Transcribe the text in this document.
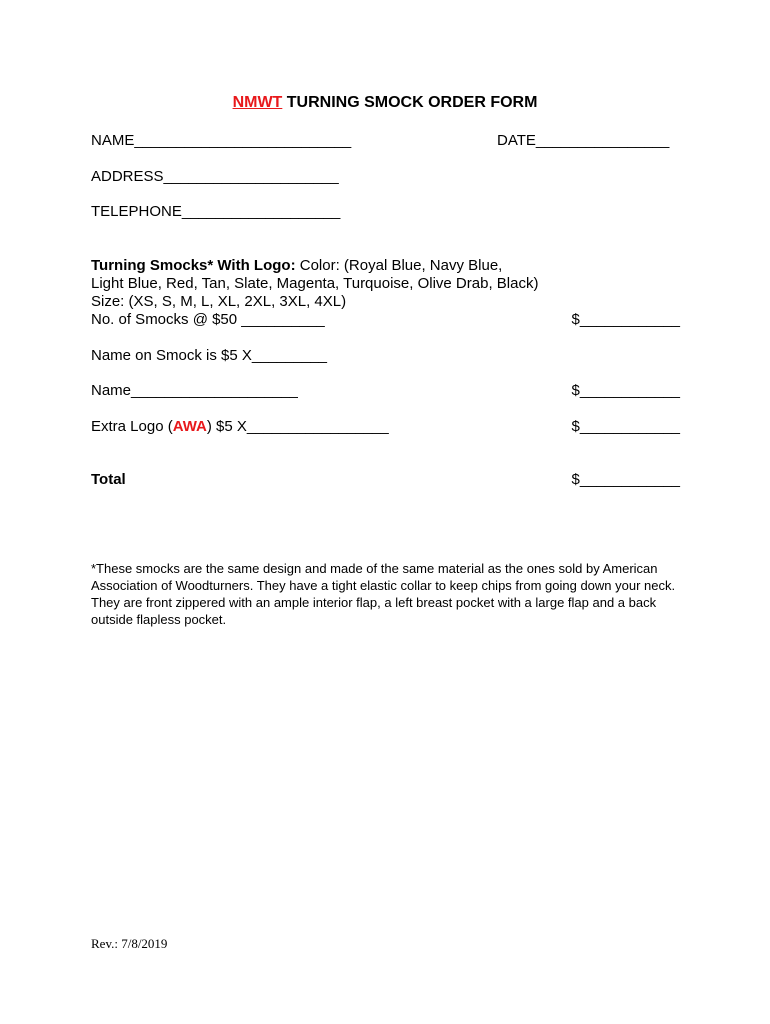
NMWT TURNING SMOCK ORDER FORM
NAME__________________________	DATE________________
ADDRESS_____________________
TELEPHONE___________________
Turning Smocks* With Logo: Color: (Royal Blue, Navy Blue,
Light Blue, Red, Tan, Slate, Magenta, Turquoise, Olive Drab, Black)
Size: (XS, S, M, L, XL, 2XL, 3XL, 4XL)
No. of Smocks @ $50 __________	$____________
Name on Smock is $5 X_________
Name____________________	$____________
Extra Logo (AWA) $5 X_________________	$____________
Total	$____________
*These smocks are the same design and made of the same material as the ones sold by American Association of Woodturners. They have a tight elastic collar to keep chips from going down your neck. They are front zippered with an ample interior flap, a left breast pocket with a large flap and a back outside flapless pocket.
Rev.: 7/8/2019
